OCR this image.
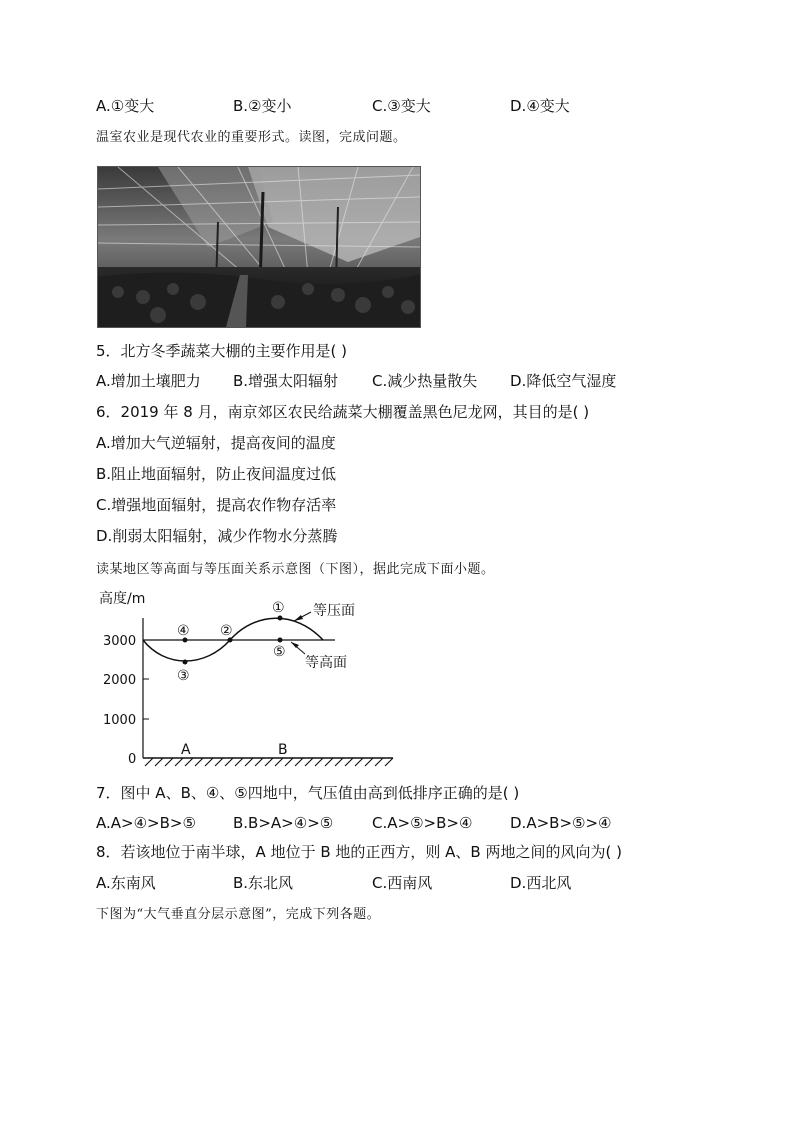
A.①变大	B.②变小	C.③变大	D.④变大
温室农业是现代农业的重要形式。读图，完成问题。
5．北方冬季蔬菜大棚的主要作用是( )
A.增加土壤肥力 B.增强太阳辐射 C.减少热量散失 D.降低空气湿度
6．2019 年 8 月，南京郊区农民给蔬菜大棚覆盖黑色尼龙网，其目的是( )
A.增加大气逆辐射，提高夜间的温度
B.阻止地面辐射，防止夜间温度过低
C.增强地面辐射，提高农作物存活率
D.削弱太阳辐射，减少作物水分蒸腾
读某地区等高面与等压面关系示意图（下图），据此完成下面小题。
高度/m
3000
2000
1000
0
①
②
③
④
⑤
等压面
等高面
A	B
7．图中 A、B、④、⑤四地中，气压值由高到低排序正确的是( )
A.A>④>B>⑤ B.B>A>④>⑤	C.A>⑤>B>④	D.A>B>⑤>④
8．若该地位于南半球，A 地位于 B 地的正西方，则 A、B 两地之间的风向为( )
A.东南风	B.东北风	C.西南风	D.西北风
下图为“大气垂直分层示意图”，完成下列各题。
